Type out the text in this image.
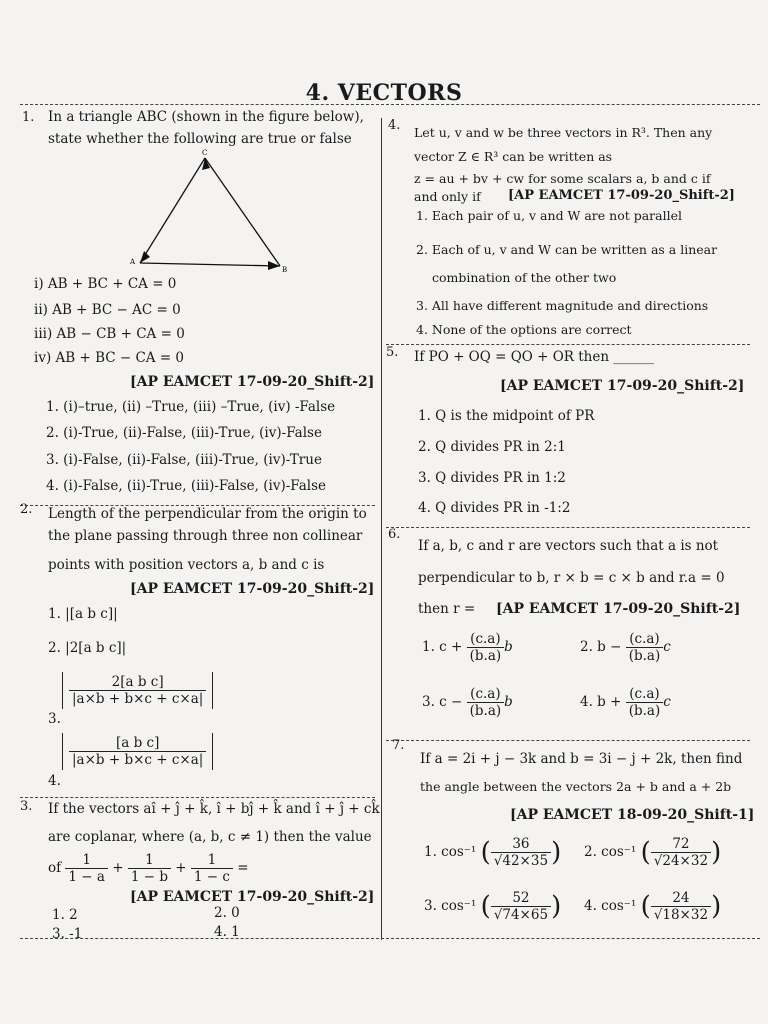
4. VECTORS
1. In a triangle ABC (shown in the figure below),
state whether the following are true or false
C
A
B
i) AB + BC + CA = 0
ii) AB + BC − AC = 0
iii) AB − CB + CA = 0
iv) AB + BC − CA = 0
[AP EAMCET 17-09-20_Shift-2]
1. (i)–true, (ii) –True, (iii) –True, (iv) -False
2. (i)-True, (ii)-False, (iii)-True, (iv)-False
3. (i)-False, (ii)-False, (iii)-True, (iv)-True
4. (i)-False, (ii)-True, (iii)-False, (iv)-False
2. Length of the perpendicular from the origin to
the plane passing through three non collinear
points with position vectors a, b and c is
[AP EAMCET 17-09-20_Shift-2]
1. |[a b c]|
2. |2[a b c]|
3.
$\frac{\text{2[a b c]}}{|a\times b + b\times c + c\times a|}$
4.
$\frac{\text{[a b c]}}{|a\times b + b\times c + c\times a|}$
3. If the vectors aî + ĵ + k̂, î + bĵ + k̂ and î + ĵ + ck̂
are coplanar, where (a, b, c ≠ 1) then the value
of $\frac{1}{1 - a} + \frac{1}{1 - b} + \frac{1}{1 - c}$ =
[AP EAMCET 17-09-20_Shift-2]
1. 2	2. 0
3. -1	4. 1
4. Let u, v and w be three vectors in R³. Then any
vector Z ∈ R³ can be written as
z = au + bv + cw for some scalars a, b and c if
and only if [AP EAMCET 17-09-20_Shift-2]
1. Each pair of u, v and W are not parallel
2. Each of u, v and W can be written as a linear
combination of the other two
3. All have different magnitude and directions
4. None of the options are correct
5. If PO + OQ = QO + OR then ______
[AP EAMCET 17-09-20_Shift-2]
1. Q is the midpoint of PR
2. Q divides PR in 2:1
3. Q divides PR in 1:2
4. Q divides PR in -1:2
6.
If a, b, c and r are vectors such that a is not
perpendicular to b, r × b = c × b and r.a = 0
then r = [AP EAMCET 17-09-20_Shift-2]
1. $c + \frac{(c.a)}{(b.a)}$ b	2. $b - \frac{(c.a)}{(b.a)}$ c
3. $c - \frac{(c.a)}{(b.a)}$ b	4. $b + \frac{(c.a)}{(b.a)}$ c
7.
If a = 2i + j − 3k and b = 3i − j + 2k, then find
the angle between the vectors 2a + b and a + 2b
[AP EAMCET 18-09-20_Shift-1]
1. cos⁻¹ ( $\frac{36}{√42\times 35}$ ) 2. cos⁻¹ ( $\frac{72}{√24\times 32}$ )
3. cos⁻¹ ( $\frac{52}{√74\times 65}$ ) 4. cos⁻¹ ( $\frac{24}{√18\times 32}$ )
